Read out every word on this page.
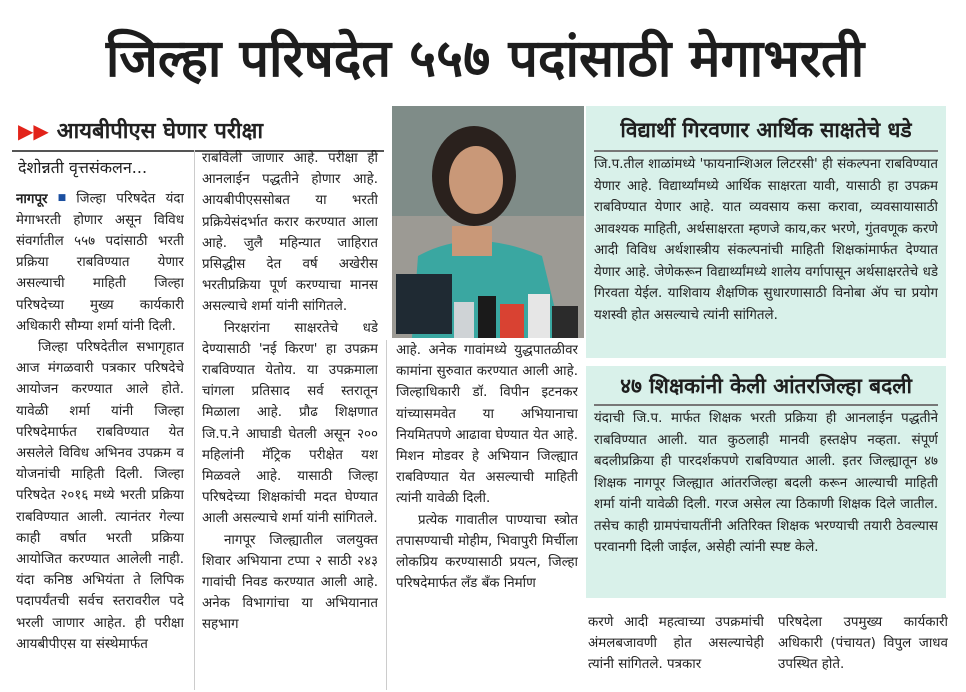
जिल्हा परिषदेत ५५७ पदांसाठी मेगाभरती
▶▶ आयबीपीएस घेणार परीक्षा
देशोन्नती वृत्तसंकलन...

नागपूर ■ जिल्हा परिषदेत यंदा मेगाभरती होणार असून विविध संवर्गातील ५५७ पदांसाठी भरती प्रक्रिया राबविण्यात येणार असल्याची माहिती जिल्हा परिषदेच्या मुख्य कार्यकारी अधिकारी सौम्या शर्मा यांनी दिली.

जिल्हा परिषदेतील सभागृहात आज मंगळवारी पत्रकार परिषदेचे आयोजन करण्यात आले होते. यावेळी शर्मा यांनी जिल्हा परिषदेमार्फत राबविण्यात येत असलेले विविध अभिनव उपक्रम व योजनांची माहिती दिली. जिल्हा परिषदेत २०१६ मध्ये भरती प्रक्रिया राबविण्यात आली. त्यानंतर गेल्या काही वर्षात भरती प्रक्रिया आयोजित करण्यात आलेली नाही. यंदा कनिष्ठ अभियंता ते लिपिक पदापर्यंतची सर्वच स्तरावरील पदे भरली जाणार आहेत. ही परीक्षा आयबीपीएस या संस्थेमार्फत

राबविली जाणार आहे. परीक्षा ही आनलाईन पद्धतीने होणार आहे. आयबीपीएससोबत या भरती प्रक्रियेसंदर्भात करार करण्यात आला आहे. जुलै महिन्यात जाहिरात प्रसिद्धीस देत वर्ष अखेरीस भरतीप्रक्रिया पूर्ण करण्याचा मानस असल्याचे शर्मा यांनी सांगितले.

निरक्षरांना साक्षरतेचे धडे देण्यासाठी 'नई किरण' हा उपक्रम राबविण्यात येतोय. या उपक्रमाला चांगला प्रतिसाद सर्व स्तरातून मिळाला आहे. प्रौढ शिक्षणात जि.प.ने आघाडी घेतली असून २०० महिलांनी मॅट्रिक परीक्षेत यश मिळवले आहे. यासाठी जिल्हा परिषदेच्या शिक्षकांची मदत घेण्यात आली असल्याचे शर्मा यांनी सांगितले.

नागपूर जिल्ह्यातील जलयुक्त शिवार अभियाना टप्पा २ साठी २४३ गावांची निवड करण्यात आली आहे. अनेक विभागांचा या अभियानात सहभाग

आहे. अनेक गावांमध्ये युद्धपातळीवर कामांना सुरुवात करण्यात आली आहे. जिल्हाधिकारी डॉ. विपीन इटनकर यांच्यासमवेत या अभियानाचा नियमितपणे आढावा घेण्यात येत आहे. मिशन मोडवर हे अभियान जिल्ह्यात राबविण्यात येत असल्याची माहिती त्यांनी यावेळी दिली.

प्रत्येक गावातील पाण्याचा स्त्रोत तपासण्याची मोहीम, भिवापुरी मिर्चीला लोकप्रिय करण्यासाठी प्रयत्न, जिल्हा परिषदेमार्फत लँड बँक निर्माण

विद्यार्थी गिरवणार आर्थिक साक्षतेचे धडे

जि.प.तील शाळांमध्ये 'फायनान्शिअल लिटरसी' ही संकल्पना राबविण्यात येणार आहे. विद्यार्थ्यांमध्ये आर्थिक साक्षरता यावी, यासाठी हा उपक्रम राबविण्यात येणार आहे. यात व्यवसाय कसा करावा, व्यवसायासाठी आवश्यक माहिती, अर्थसाक्षरता म्हणजे काय,कर भरणे, गुंतवणूक करणे आदी विविध अर्थशास्त्रीय संकल्पनांची माहिती शिक्षकांमार्फत देण्यात येणार आहे. जेणेकरून विद्यार्थ्यांमध्ये शालेय वर्गापासून अर्थसाक्षरतेचे धडे गिरवता येईल. याशिवाय शैक्षणिक सुधारणासाठी विनोबा ॲप चा प्रयोग यशस्वी होत असल्याचे त्यांनी सांगितले.

४७ शिक्षकांनी केली आंतरजिल्हा बदली

यंदाची जि.प. मार्फत शिक्षक भरती प्रक्रिया ही आनलाईन पद्धतीने राबविण्यात आली. यात कुठलाही मानवी हस्तक्षेप नव्हता. संपूर्ण बदलीप्रक्रिया ही पारदर्शकपणे राबविण्यात आली. इतर जिल्ह्यातून ४७ शिक्षक नागपूर जिल्ह्यात आंतरजिल्हा बदली करून आल्याची माहिती शर्मा यांनी यावेळी दिली. गरज असेल त्या ठिकाणी शिक्षक दिले जातील. तसेच काही ग्रामपंचायतींनी अतिरिक्त शिक्षक भरण्याची तयारी ठेवल्यास परवानगी दिली जाईल, असेही त्यांनी स्पष्ट केले.

करणे आदी महत्वाच्या उपक्रमांची अंमलबजावणी होत असल्याचेही त्यांनी सांगितले. पत्रकार

परिषदेला उपमुख्य कार्यकारी अधिकारी (पंचायत) विपुल जाधव उपस्थित होते.
